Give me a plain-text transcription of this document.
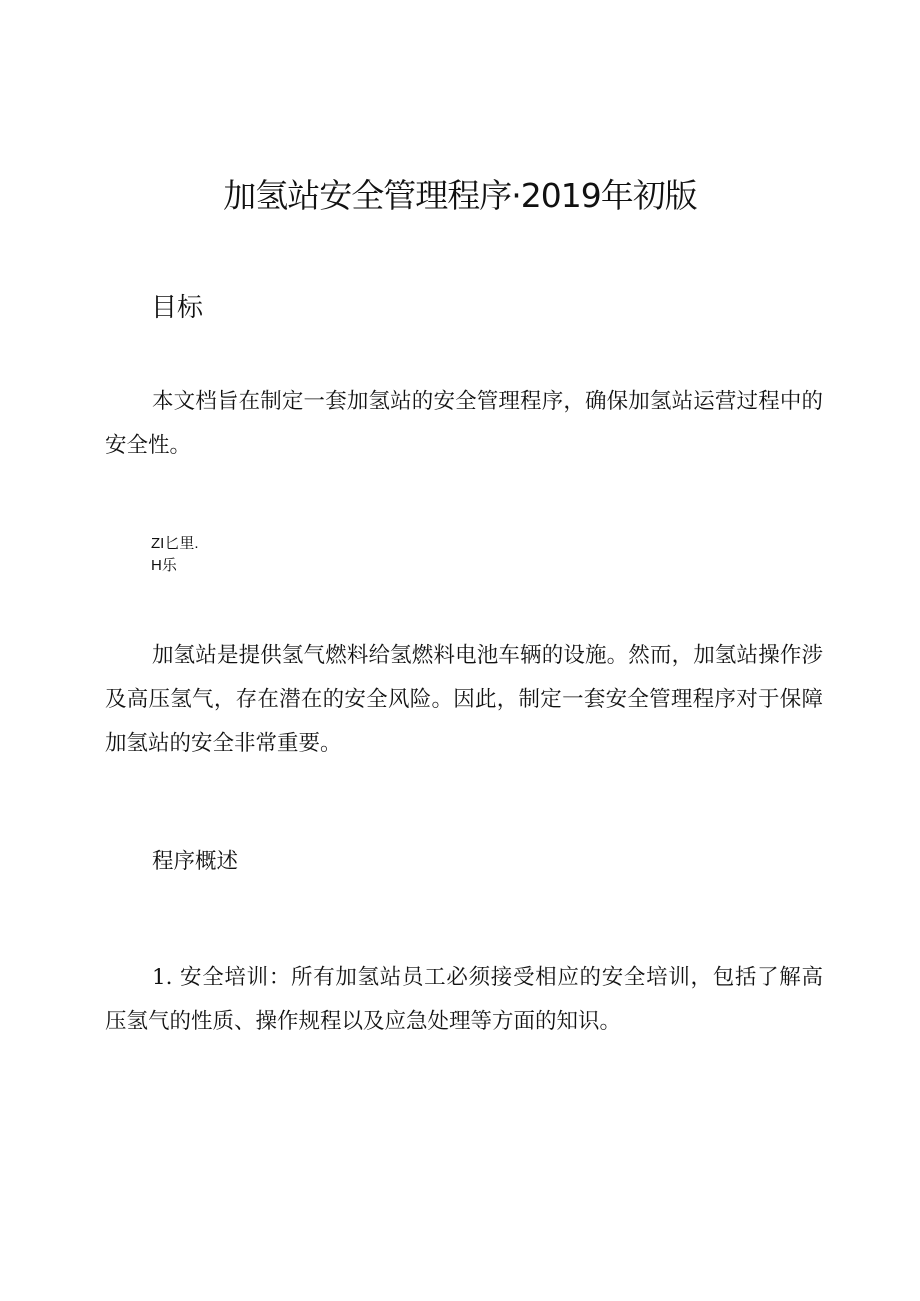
加氢站安全管理程序·2019年初版
目标

本文档旨在制定一套加氢站的安全管理程序，确保加氢站运营过程中的安全性。

ZI匕里.
H乐

加氢站是提供氢气燃料给氢燃料电池车辆的设施。然而，加氢站操作涉及高压氢气，存在潜在的安全风险。因此，制定一套安全管理程序对于保障加氢站的安全非常重要。

程序概述

1. 安全培训：所有加氢站员工必须接受相应的安全培训，包括了解高压氢气的性质、操作规程以及应急处理等方面的知识。
